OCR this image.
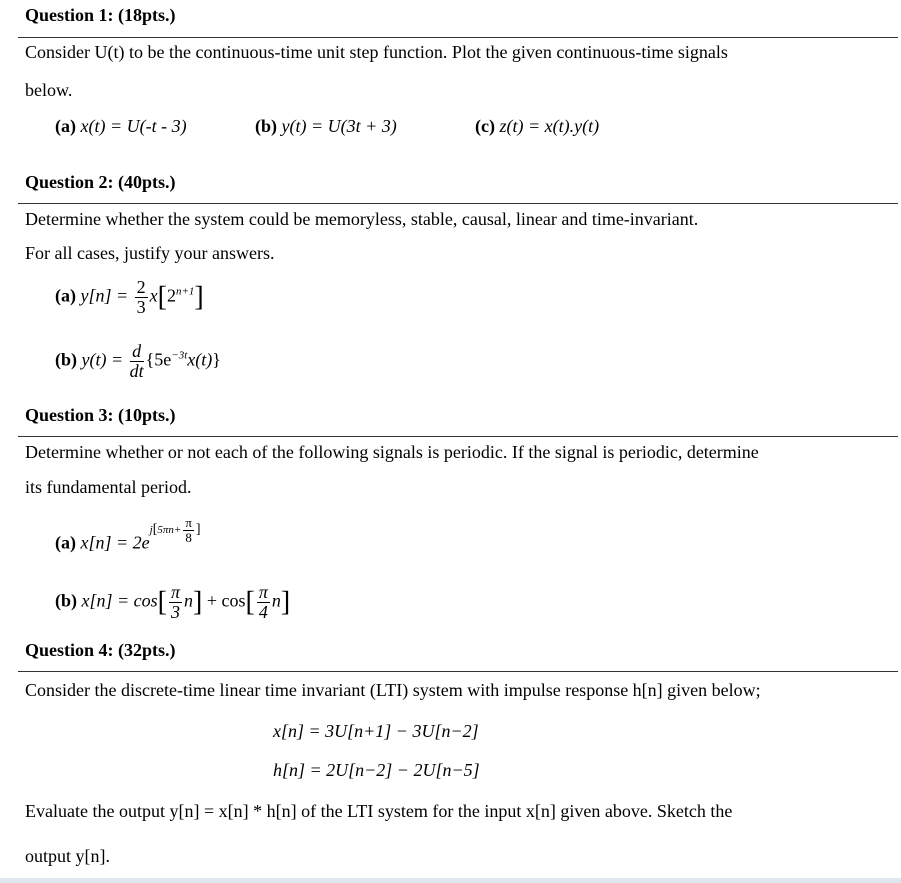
Question 1: (18pts.)
Consider U(t) to be the continuous-time unit step function. Plot the given continuous-time signals
below.
(a) x(t) = U(-t - 3)	(b) y(t) = U(3t + 3)	(c) z(t) = x(t).y(t)
Question 2: (40pts.)
Determine whether the system could be memoryless, stable, causal, linear and time-invariant.
For all cases, justify your answers.
(a) $y[n] = \frac{2}{3} x[2^{n+1}]$
(b) $y(t) = \frac{d}{dt} \{5e^{-3t}x(t)\}$
Question 3: (10pts.)
Determine whether or not each of the following signals is periodic. If the signal is periodic, determine
its fundamental period.
(a) $x[n] = 2e^{j[5\pi n+ \frac{\pi}{8} ]}$
(b) $x[n] = \cos[ \frac{\pi}{3} n] + \cos[ \frac{\pi}{4} n]$
Question 4: (32pts.)
Consider the discrete-time linear time invariant (LTI) system with impulse response h[n] given below;
x[n] = 3U[n+1] − 3U[n−2]
h[n] = 2U[n−2] − 2U[n−5]
Evaluate the output y[n] = x[n] * h[n] of the LTI system for the input x[n] given above. Sketch the
output y[n].
